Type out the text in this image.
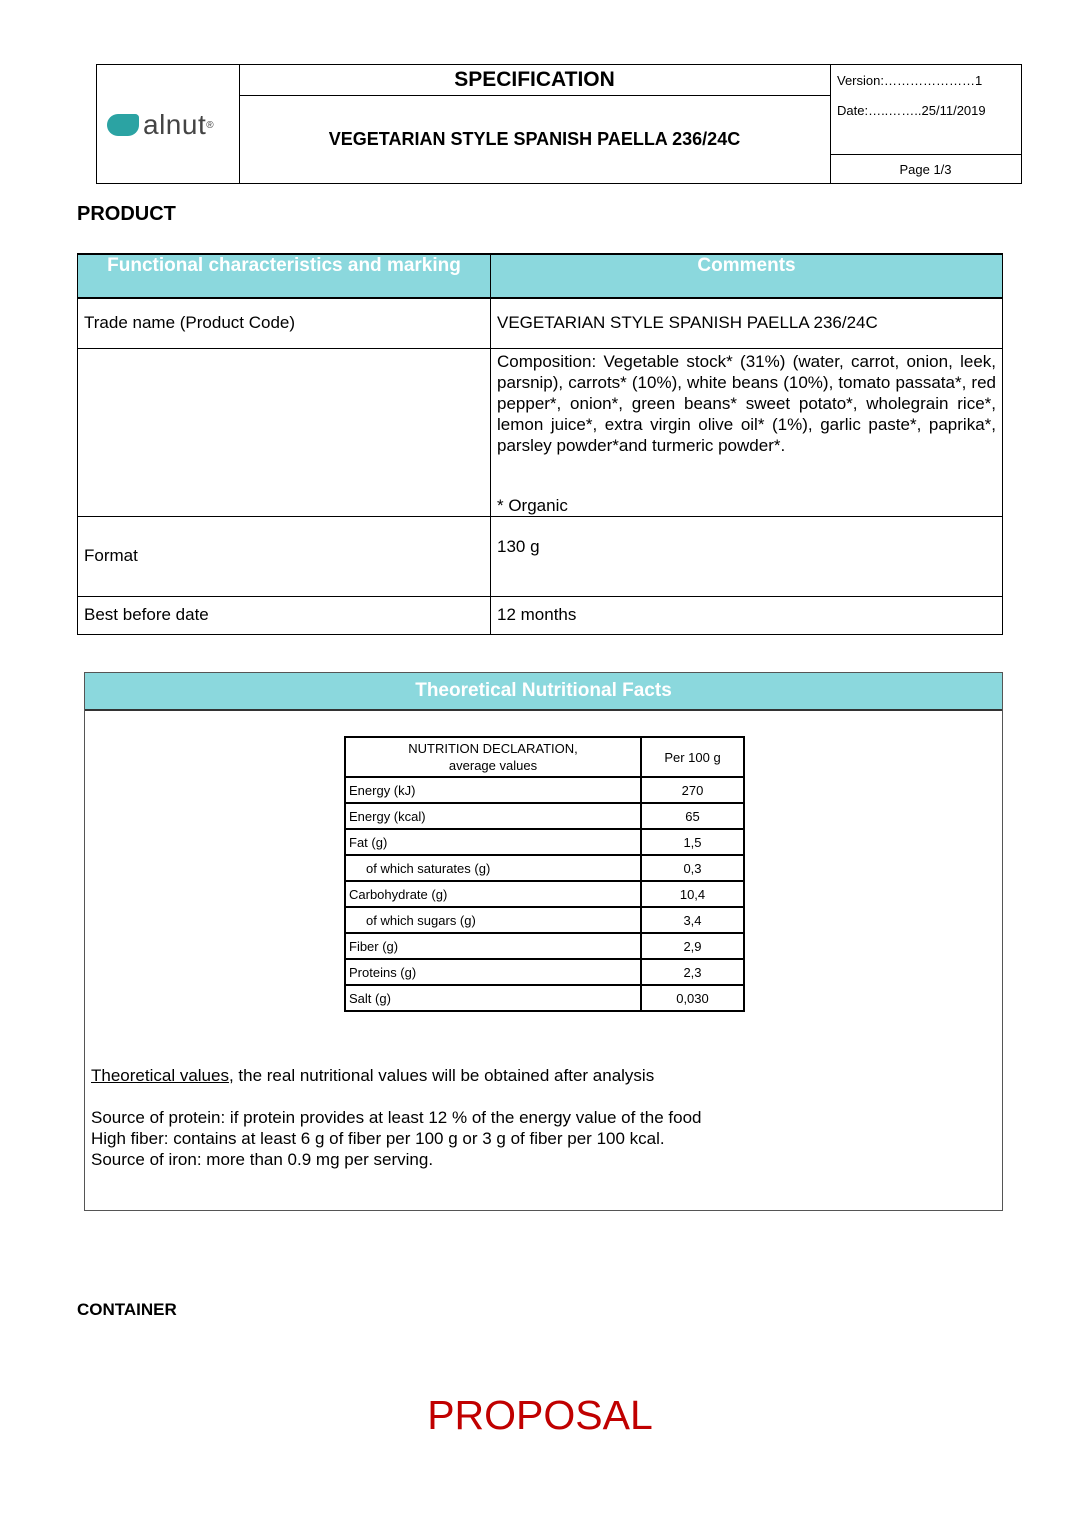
alnut ®
SPECIFICATION
VEGETARIAN STYLE SPANISH PAELLA 236/24C
Version:…………………1
Date:…..……..25/11/2019
Page 1/3
PRODUCT
Functional characteristics and marking	Comments
Trade name (Product Code)	VEGETARIAN STYLE SPANISH PAELLA 236/24C

	Composition: Vegetable stock* (31%) (water, carrot, onion, leek, parsnip), carrots* (10%), white beans (10%), tomato passata*, red pepper*, onion*, green beans* sweet potato*, wholegrain rice*, lemon juice*, extra virgin olive oil* (1%), garlic paste*, paprika*, parsley powder*and turmeric powder*.
* Organic

Format	130 g
Best before date	12 months
Theoretical Nutritional Facts
NUTRITION DECLARATION,
average values	Per 100 g
Energy (kJ)	270
Energy (kcal)	65
Fat (g)	1,5
of which saturates (g)	0,3
Carbohydrate (g)	10,4
of which sugars (g)	3,4
Fiber (g)	2,9
Proteins (g)	2,3
Salt (g)	0,030
Theoretical values, the real nutritional values will be obtained after analysis
Source of protein: if protein provides at least 12 % of the energy value of the food
High fiber: contains at least 6 g of fiber per 100 g or 3 g of fiber per 100 kcal.
Source of iron: more than 0.9 mg per serving.
CONTAINER
PROPOSAL
